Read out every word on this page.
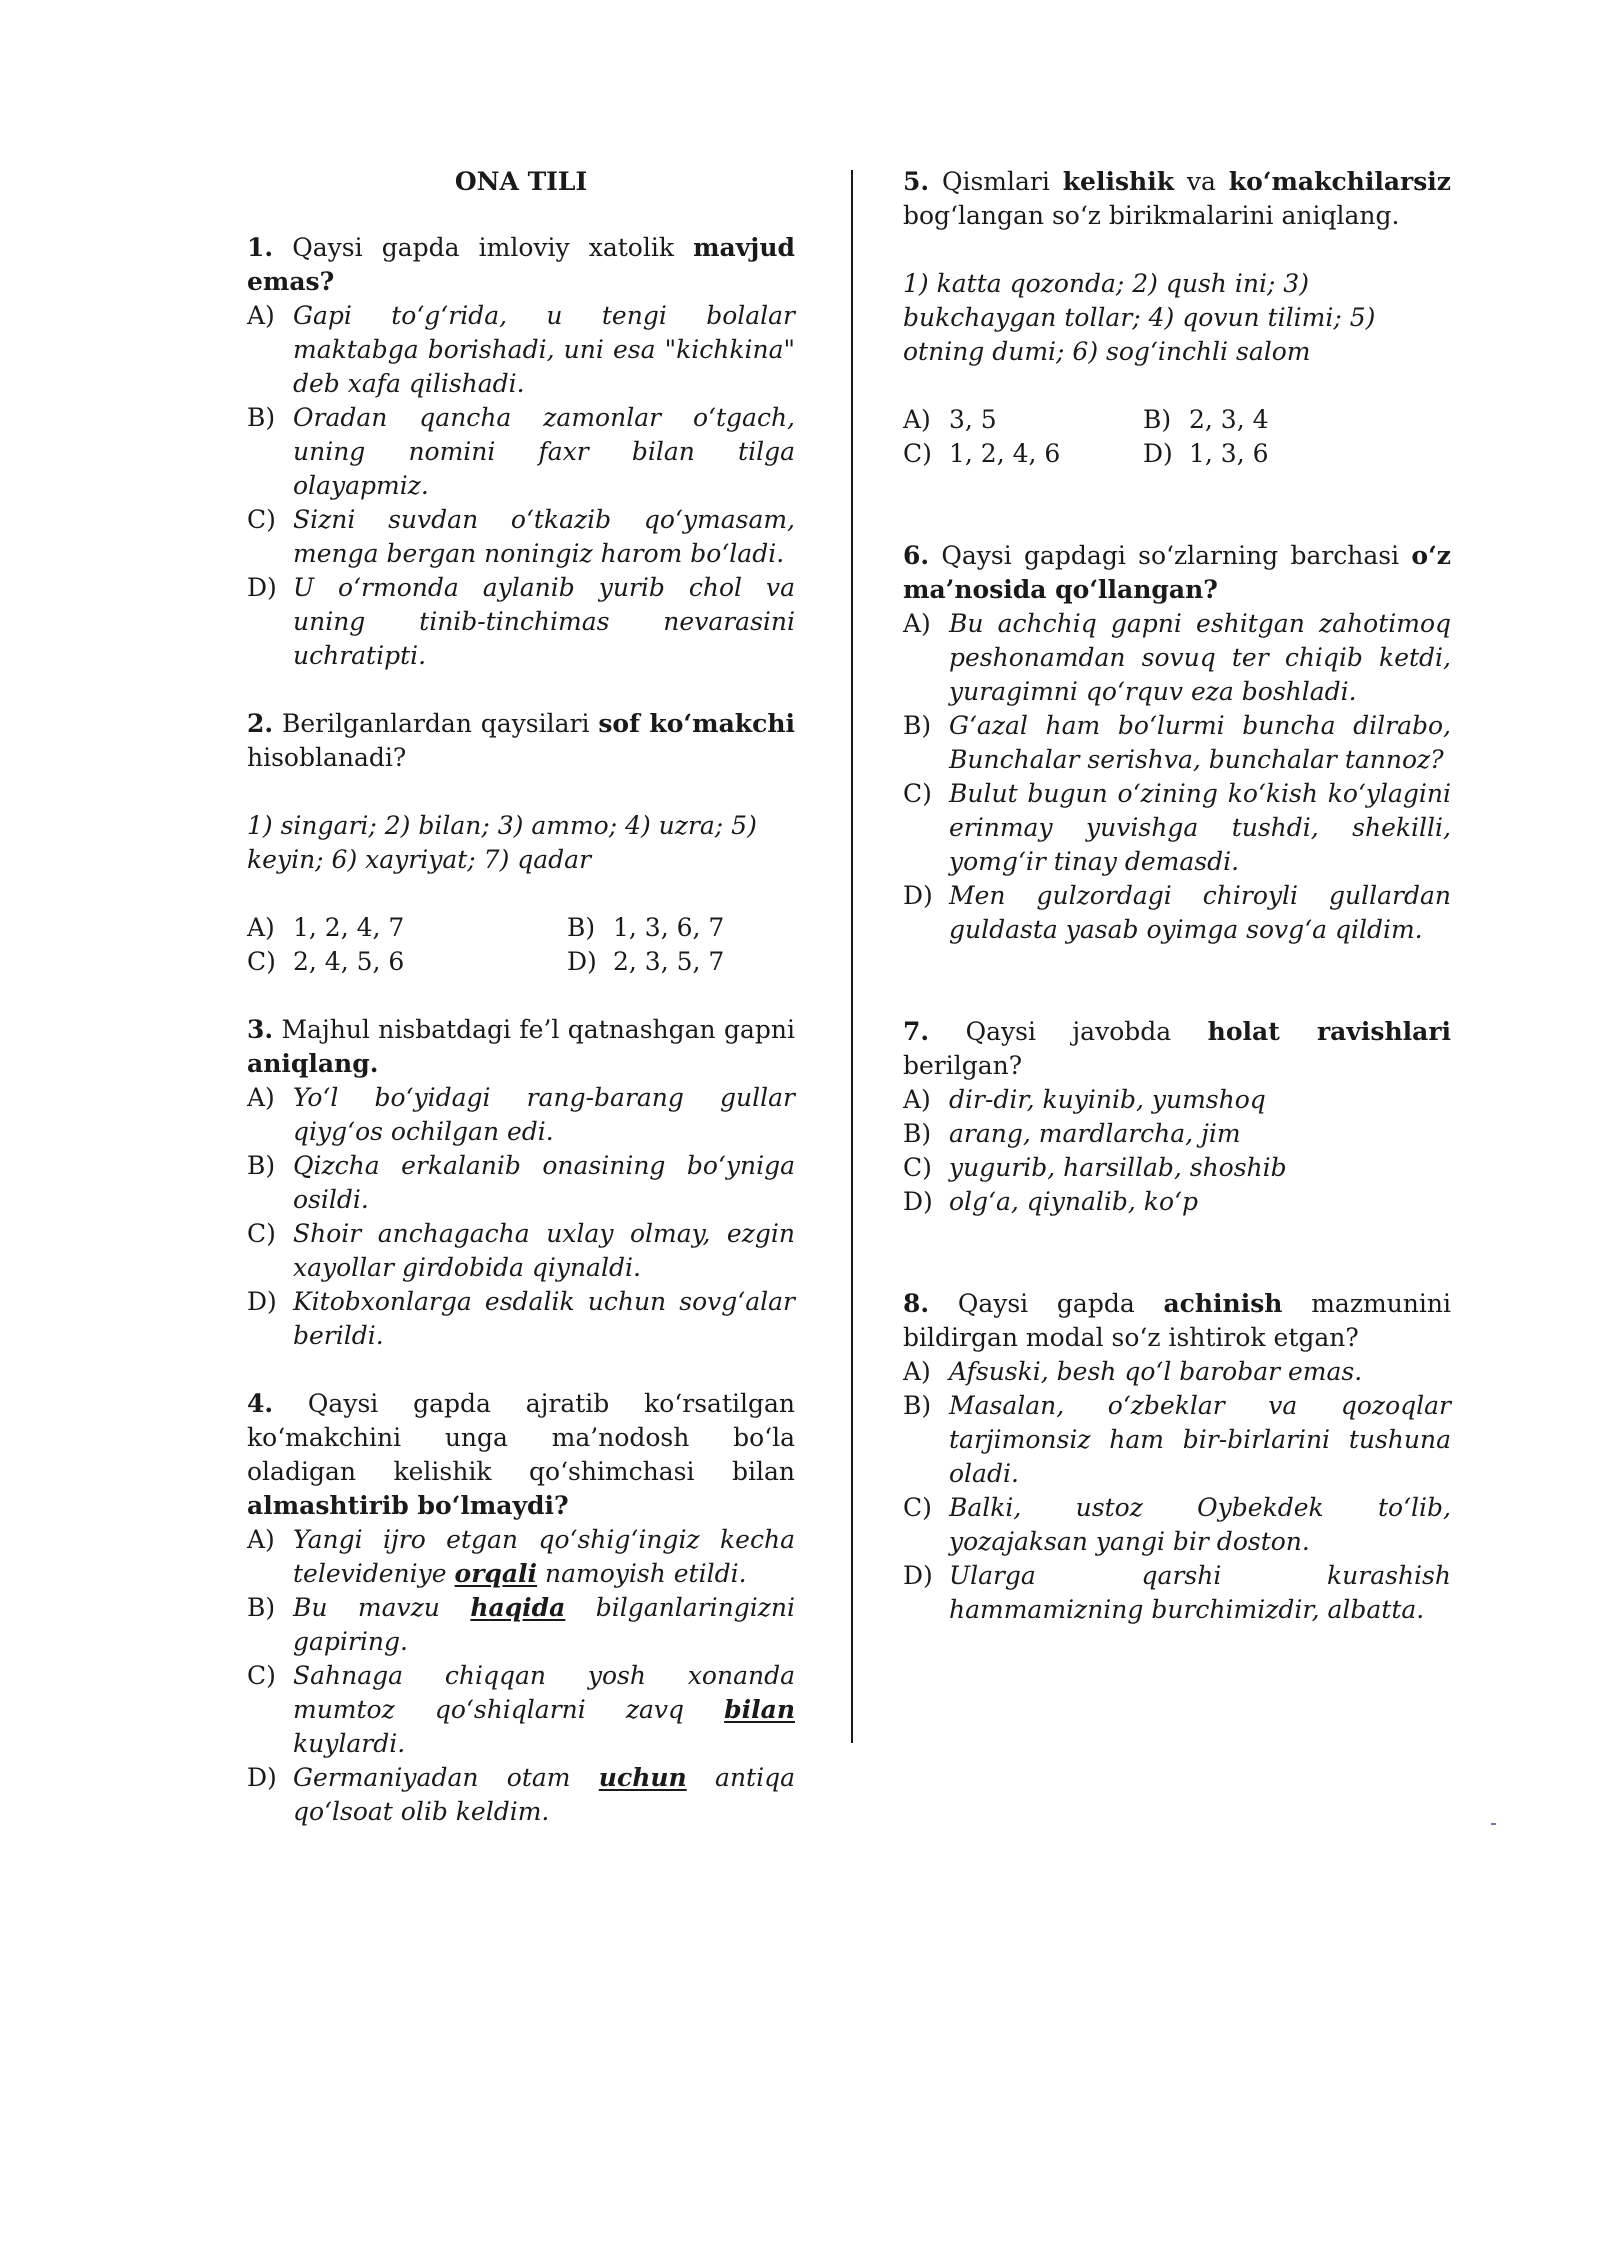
ONA TILI

1. Qaysi gapda imloviy xatolik mavjud emas?

A) Gapi to‘g‘rida, u tengi bolalar maktabga borishadi, uni esa "kichkina" deb xafa qilishadi.
B) Oradan qancha zamonlar o‘tgach, uning nomini faxr bilan tilga olayapmiz.
C) Sizni suvdan o‘tkazib qo‘ymasam, menga bergan noningiz harom bo‘ladi.
D) U o‘rmonda aylanib yurib chol va uning tinib-tinchimas nevarasini uchratipti.

2. Berilganlardan qaysilari sof ko‘makchi hisoblanadi?

1) singari; 2) bilan; 3) ammo; 4) uzra; 5) keyin; 6) xayriyat; 7) qadar

A) 1, 2, 4, 7	B) 1, 3, 6, 7
C) 2, 4, 5, 6	D) 2, 3, 5, 7

3. Majhul nisbatdagi fe’l qatnashgan gapni aniqlang.

A) Yo‘l bo‘yidagi rang-barang gullar qiyg‘os ochilgan edi.
B) Qizcha erkalanib onasining bo‘yniga osildi.
C) Shoir anchagacha uxlay olmay, ezgin xayollar girdobida qiynaldi.
D) Kitobxonlarga esdalik uchun sovg‘alar berildi.

4. Qaysi gapda ajratib ko‘rsatilgan ko‘makchini unga ma’nodosh bo‘la oladigan kelishik qo‘shimchasi bilan almashtirib bo‘lmaydi?

A) Yangi ijro etgan qo‘shig‘ingiz kecha televideniye orqali namoyish etildi.
B) Bu mavzu haqida bilganlaringizni gapiring.
C) Sahnaga chiqqan yosh xonanda mumtoz qo‘shiqlarni zavq bilan kuylardi.
D) Germaniyadan otam uchun antiqa qo‘lsoat olib keldim.

5. Qismlari kelishik va ko‘makchilarsiz bog‘langan so‘z birikmalarini aniqlang.

1) katta qozonda; 2) qush ini; 3) bukchaygan tollar; 4) qovun tilimi; 5) otning dumi; 6) sog‘inchli salom

A) 3, 5	B) 2, 3, 4
C) 1, 2, 4, 6	D) 1, 3, 6

6. Qaysi gapdagi so‘zlarning barchasi o‘z ma’nosida qo‘llangan?

A) Bu achchiq gapni eshitgan zahotimoq peshonamdan sovuq ter chiqib ketdi, yuragimni qo‘rquv eza boshladi.
B) G‘azal ham bo‘lurmi buncha dilrabo, Bunchalar serishva, bunchalar tannoz?
C) Bulut bugun o‘zining ko‘kish ko‘ylagini erinmay yuvishga tushdi, shekilli, yomg‘ir tinay demasdi.
D) Men gulzordagi chiroyli gullardan guldasta yasab oyimga sovg‘a qildim.

7. Qaysi javobda holat ravishlari berilgan?

A) dir-dir, kuyinib, yumshoq
B) arang, mardlarcha, jim
C) yugurib, harsillab, shoshib
D) olg‘a, qiynalib, ko‘p

8. Qaysi gapda achinish mazmunini bildirgan modal so‘z ishtirok etgan?

A) Afsuski, besh qo‘l barobar emas.
B) Masalan, o‘zbeklar va qozoqlar tarjimonsiz ham bir-birlarini tushuna oladi.
C) Balki, ustoz Oybekdek to‘lib, yozajaksan yangi bir doston.
D) Ularga qarshi kurashish hammamizning burchimizdir, albatta.
